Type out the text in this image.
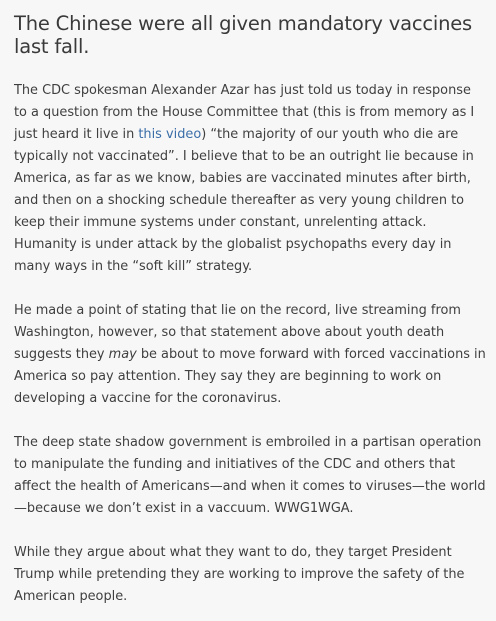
The Chinese were all given mandatory vaccines last fall.

The CDC spokesman Alexander Azar has just told us today in response to a question from the House Committee that (this is from memory as I just heard it live in this video) “the majority of our youth who die are typically not vaccinated”. I believe that to be an outright lie because in America, as far as we know, babies are vaccinated minutes after birth, and then on a shocking schedule thereafter as very young children to keep their immune systems under constant, unrelenting attack. Humanity is under attack by the globalist psychopaths every day in many ways in the “soft kill” strategy.

He made a point of stating that lie on the record, live streaming from Washington, however, so that statement above about youth death suggests they may be about to move forward with forced vaccinations in America so pay attention. They say they are beginning to work on developing a vaccine for the coronavirus.

The deep state shadow government is embroiled in a partisan operation to manipulate the funding and initiatives of the CDC and others that affect the health of Americans—and when it comes to viruses—the world—because we don’t exist in a vaccuum. WWG1WGA.

While they argue about what they want to do, they target President Trump while pretending they are working to improve the safety of the American people.
